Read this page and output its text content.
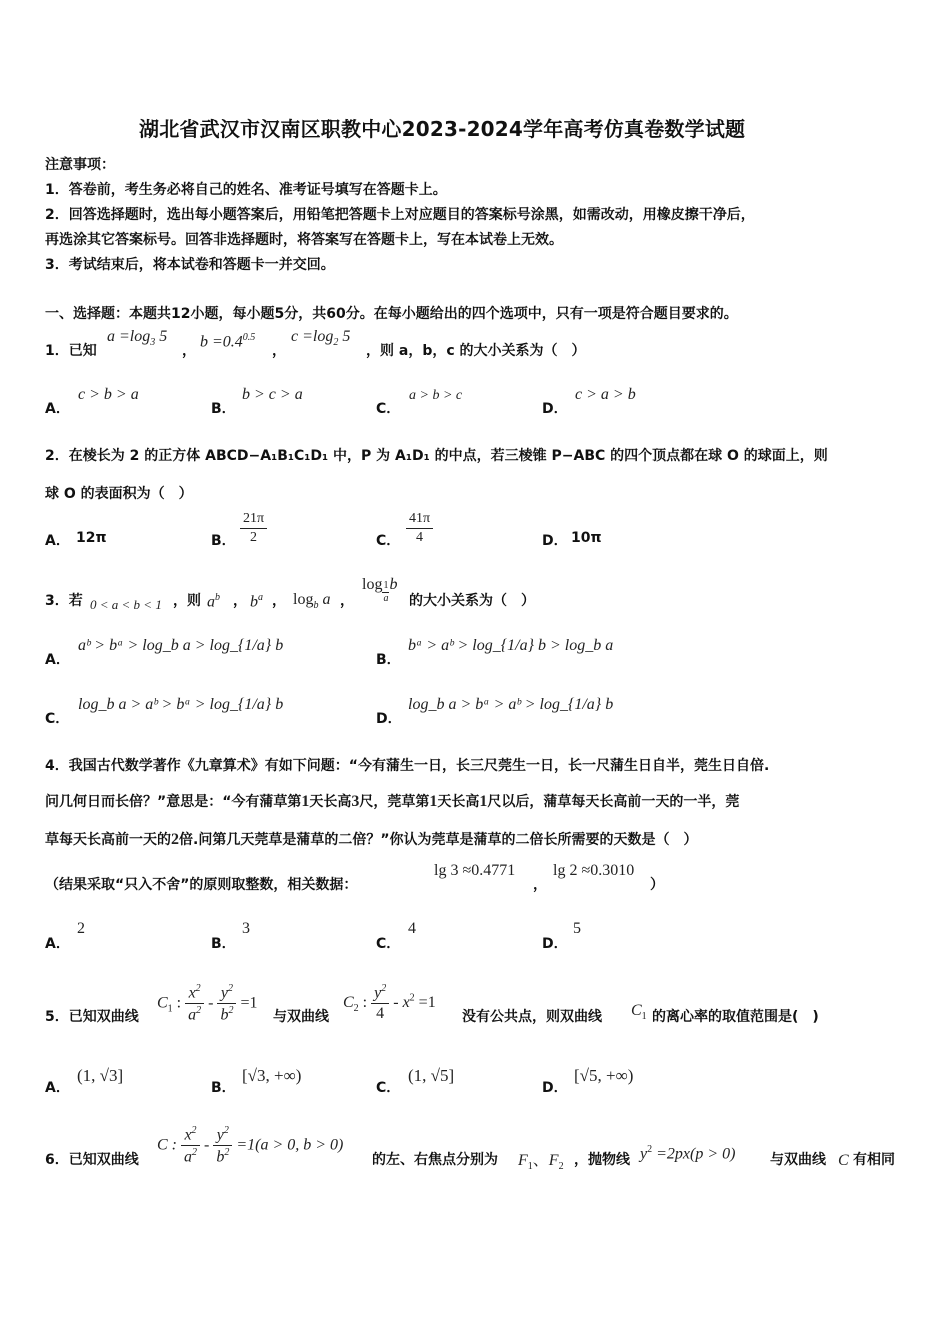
湖北省武汉市汉南区职教中心2023-2024学年高考仿真卷数学试题
注意事项：
1．答卷前，考生务必将自己的姓名、准考证号填写在答题卡上。
2．回答选择题时，选出每小题答案后，用铅笔把答题卡上对应题目的答案标号涂黑，如需改动，用橡皮擦干净后，
再选涂其它答案标号。回答非选择题时，将答案写在答题卡上，写在本试卷上无效。
3．考试结束后，将本试卷和答题卡一并交回。
一、选择题：本题共12小题，每小题5分，共60分。在每小题给出的四个选项中，只有一项是符合题目要求的。
1．已知
$a =\log_3$ 5
，
$b =0.4^{0.5}$
，
$c =\log_2$ 5
，则 a，b，c 的大小关系为（　）
A．
c > b > a
B．
b > c > a
C．
a > b > c
D．
c > a > b
2．在棱长为 2 的正方体 ABCD−A₁B₁C₁D₁ 中，P 为 A₁D₁ 的中点，若三棱锥 P−ABC 的四个顶点都在球 O 的球面上，则
球 O 的表面积为（　）
A． 12π	B． $\frac{21\pi}{2}$	C． $\frac{41\pi}{4}$	D． 10π
3．若 0 < a < b < 1 ，则 $a^b$ ， $b^a$ ， $\log_b a$ ，
$\log \frac{1}{a}$ b
的大小关系为（　）
A．
aᵇ > bᵃ > log_b a > log_{1/a} b
B．
bᵃ > aᵇ > log_{1/a} b > log_b a
C．
log_b a > aᵇ > bᵃ > log_{1/a} b
D．
log_b a > bᵃ > aᵇ > log_{1/a} b
4．我国古代数学著作《九章算术》有如下问题：“今有蒲生一日，长三尺莞生一日，长一尺蒲生日自半，莞生日自倍.
问几何日而长倍？”意思是：“今有蒲草第1天长高3尺，莞草第1天长高1尺以后，蒲草每天长高前一天的一半，莞
草每天长高前一天的2倍.问第几天莞草是蒲草的二倍？”你认为莞草是蒲草的二倍长所需要的天数是（　）
（结果采取“只入不舍”的原则取整数，相关数据：
lg 3 ≈0.4771
，
lg 2 ≈0.3010
）
A．
2
B．
3
C．
4
D．
5
5．已知双曲线
$C_1$ : $\frac{x^2}{a^2} - \frac{y^2}{b^2} =1$
与双曲线
$C_2$ : $\frac{y^2}{4} - x^2 =1$
没有公共点，则双曲线 $C_1$ 的离心率的取值范围是(　)
A．
(1, √3]
B．
[√3, +∞)
C．
(1, √5]
D．
[√5, +∞)
6．已知双曲线
C : $\frac{x^2}{a^2} - \frac{y^2}{b^2} =1(a > 0$, b > 0)
的左、右焦点分别为 $F_1$、$F_2$ ，抛物线 $y^2 =2px(p > 0)$ 与双曲线 C 有相同
